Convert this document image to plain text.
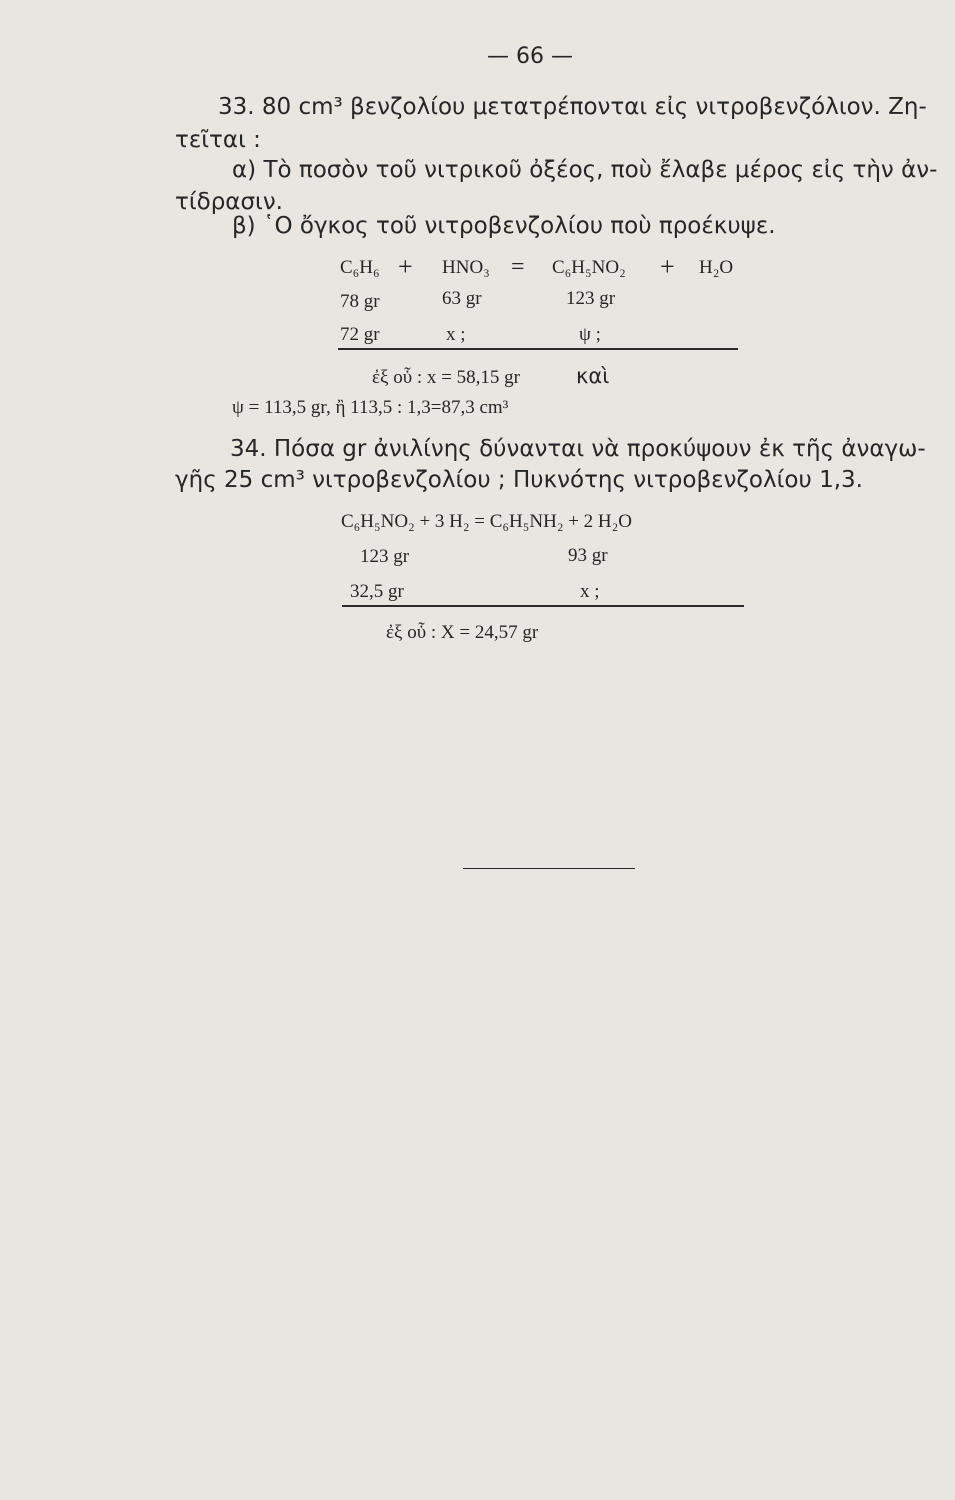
— 66 —
33. 80 cm³ βενζολίου μετατρέπονται εἰς νιτροβενζόλιον. Ζη-
τεῖται :
α) Τὸ ποσὸν τοῦ νιτρικοῦ ὀξέος, ποὺ ἔλαβε μέρος εἰς τὴν ἀν-
τίδρασιν.
β) ῾Ο ὄγκος τοῦ νιτροβενζολίου ποὺ προέκυψε.
C₆H₆ + HNO₃ = C₆H₅NO₂ + H₂O
78 gr	63 gr	123 gr
72 gr	x ;	ψ ;
ἐξ οὗ : x = 58,15 gr	καὶ
ψ = 113,5 gr, ἢ 113,5 : 1,3=87,3 cm³
34. Πόσα gr ἀνιλίνης δύνανται νὰ προκύψουν ἐκ τῆς ἀναγω-
γῆς 25 cm³ νιτροβενζολίου ; Πυκνότης νιτροβενζολίου 1,3.
C₆H₅NO₂ + 3 H₂ = C₆H₅NH₂ + 2 H₂O
123 gr	93 gr
32,5 gr	x ;
ἐξ οὗ : X = 24,57 gr
